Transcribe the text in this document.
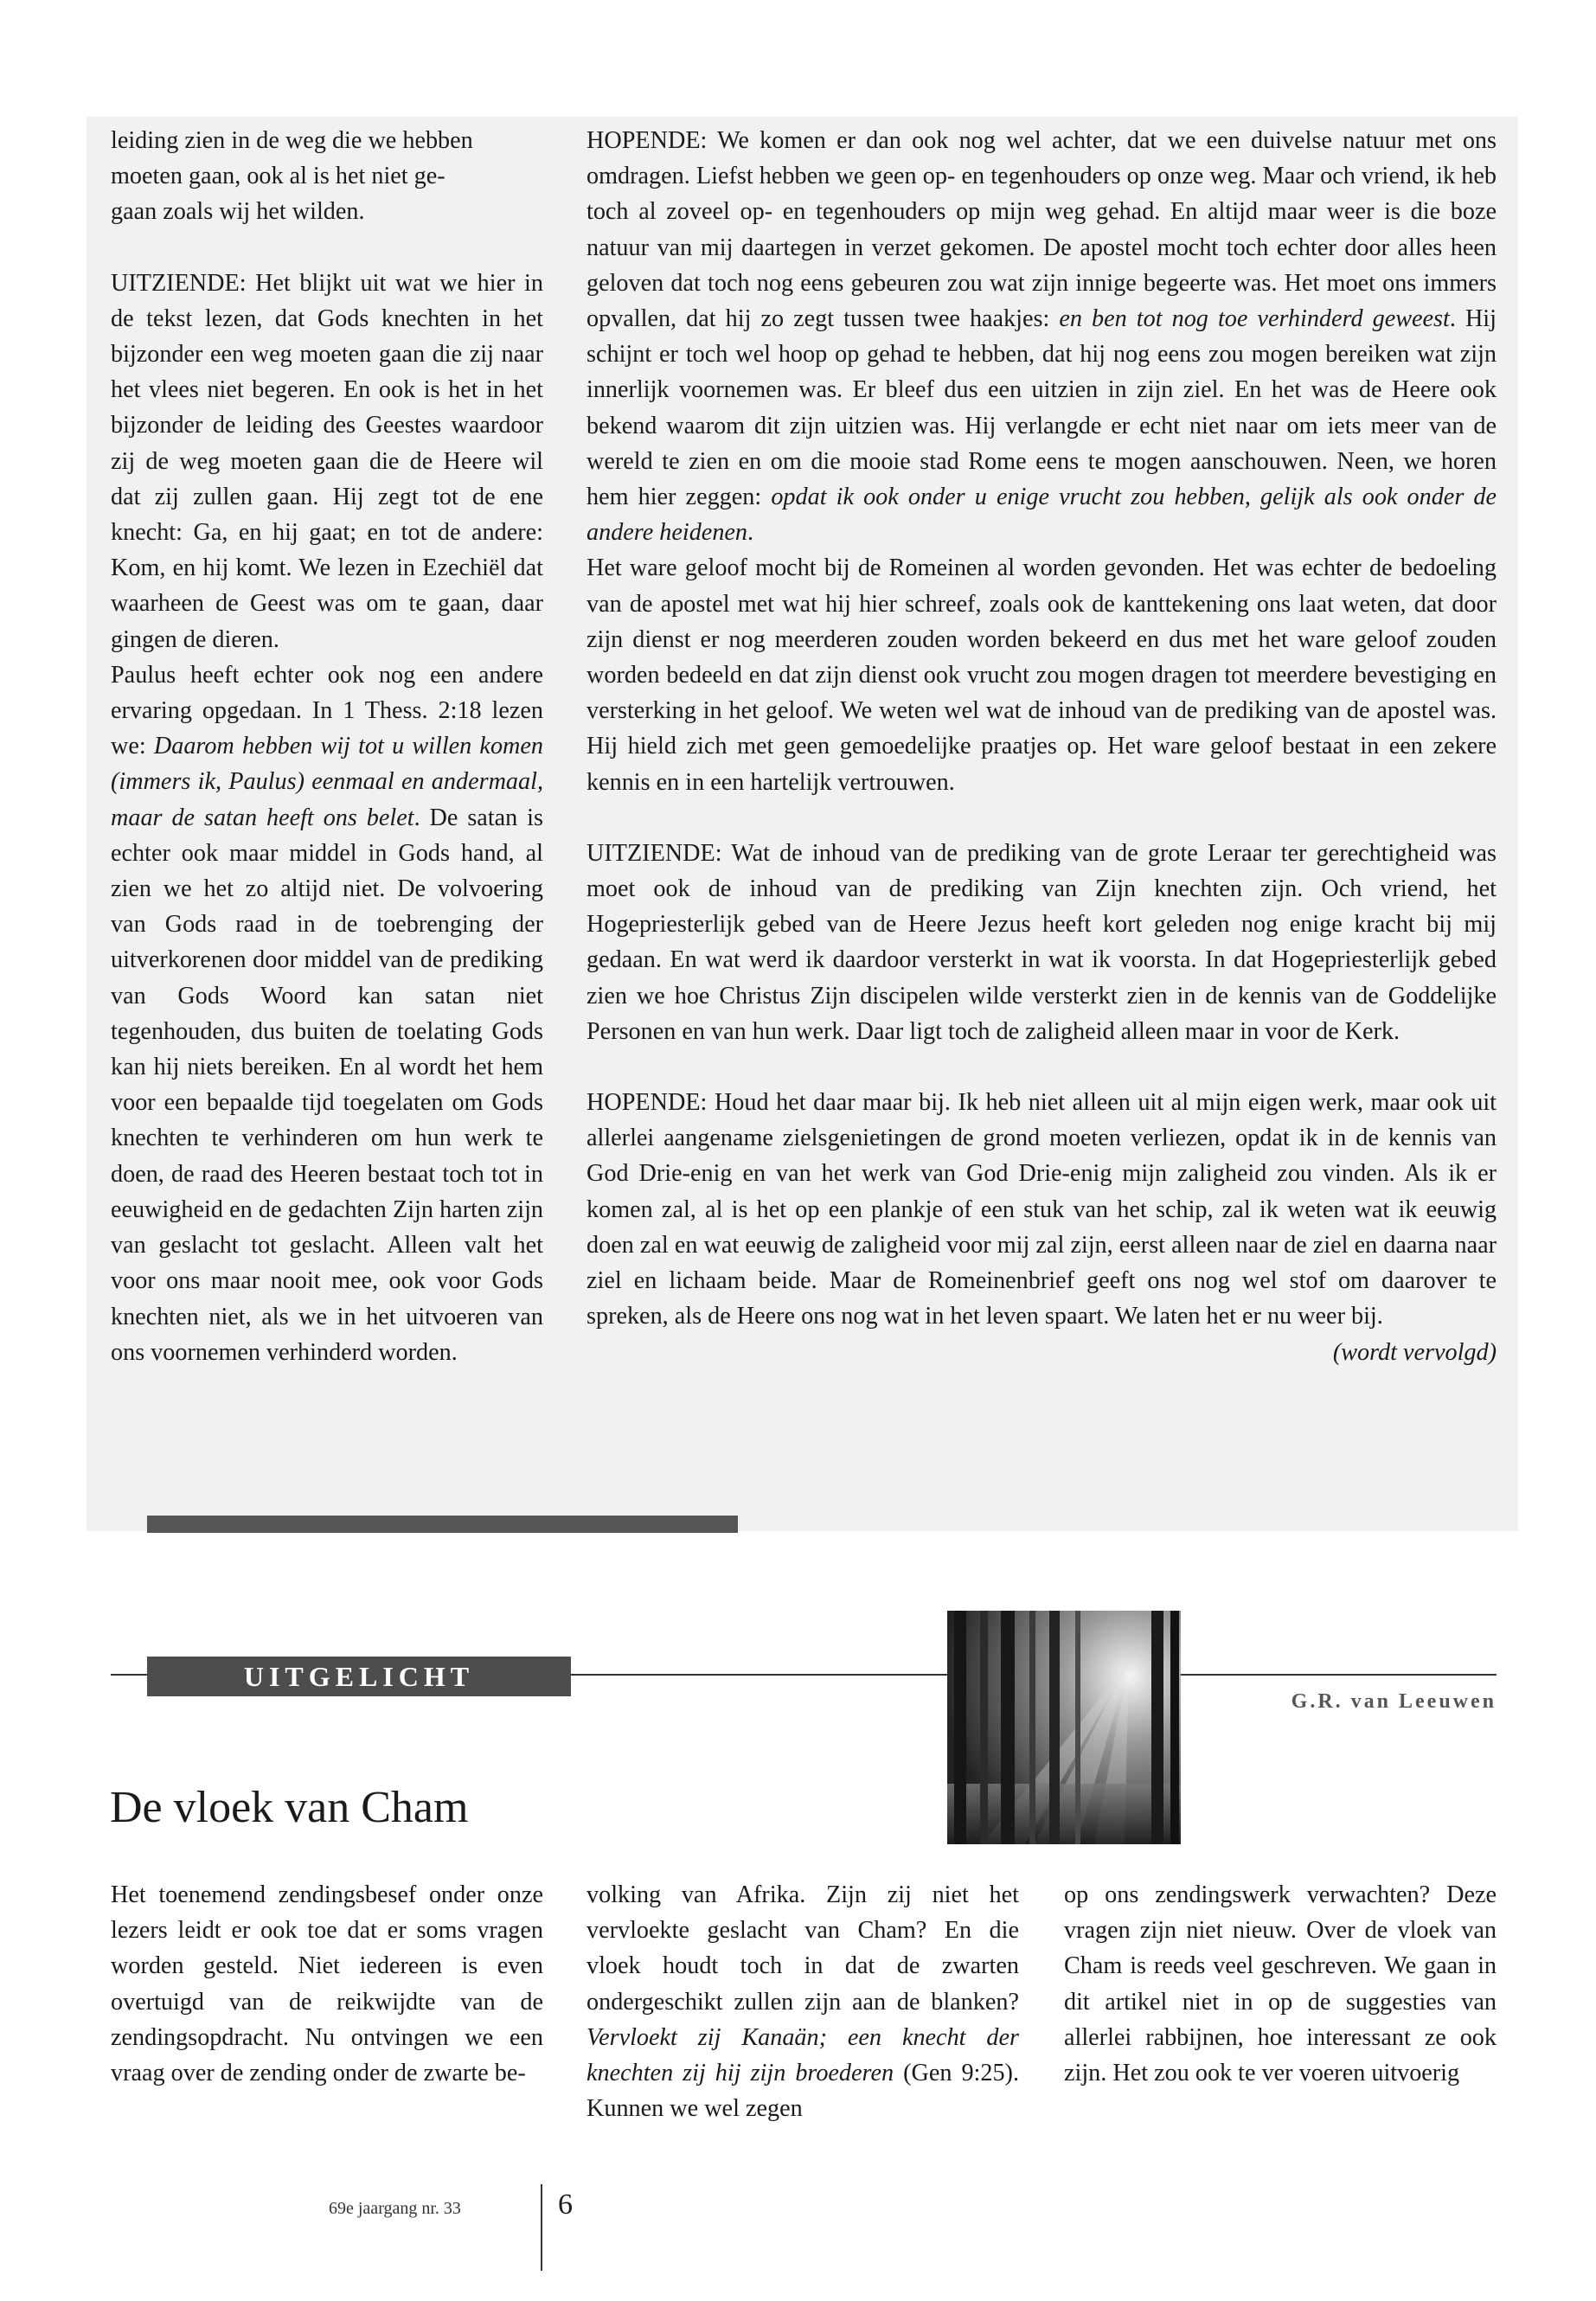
leiding zien in de weg die we hebben

moeten gaan, ook al is het niet ge-

gaan zoals wij het wilden.

UITZIENDE: Het blijkt uit wat we hier in de tekst lezen, dat Gods knechten in het bijzonder een weg moeten gaan die zij naar het vlees niet begeren. En ook is het in het bijzonder de leiding des Geestes waardoor zij de weg moeten gaan die de Heere wil dat zij zullen gaan. Hij zegt tot de ene knecht: Ga, en hij gaat; en tot de andere: Kom, en hij komt. We lezen in Ezechiël dat waarheen de Geest was om te gaan, daar gingen de dieren.

Paulus heeft echter ook nog een andere ervaring opgedaan. In 1 Thess. 2:18 lezen we: Daarom hebben wij tot u willen komen (immers ik, Paulus) eenmaal en andermaal, maar de satan heeft ons belet. De satan is echter ook maar middel in Gods hand, al zien we het zo altijd niet. De volvoering van Gods raad in de toebrenging der uitverkorenen door middel van de prediking van Gods Woord kan satan niet tegenhouden, dus buiten de toelating Gods kan hij niets bereiken. En al wordt het hem voor een bepaalde tijd toegelaten om Gods knechten te verhinderen om hun werk te doen, de raad des Heeren bestaat toch tot in eeuwigheid en de gedachten Zijn harten zijn van geslacht tot geslacht. Alleen valt het voor ons maar nooit mee, ook voor Gods knechten niet, als we in het uitvoeren van ons voornemen verhinderd worden.

HOPENDE: We komen er dan ook nog wel achter, dat we een duivelse natuur met ons omdragen. Liefst hebben we geen op- en tegenhouders op onze weg. Maar och vriend, ik heb toch al zoveel op- en tegenhouders op mijn weg gehad. En altijd maar weer is die boze natuur van mij daartegen in verzet gekomen. De apostel mocht toch echter door alles heen geloven dat toch nog eens gebeuren zou wat zijn innige begeerte was. Het moet ons immers opvallen, dat hij zo zegt tussen twee haakjes: en ben tot nog toe verhinderd geweest. Hij schijnt er toch wel hoop op gehad te hebben, dat hij nog eens zou mogen bereiken wat zijn innerlijk voornemen was. Er bleef dus een uitzien in zijn ziel. En het was de Heere ook bekend waarom dit zijn uitzien was. Hij verlangde er echt niet naar om iets meer van de wereld te zien en om die mooie stad Rome eens te mogen aanschouwen. Neen, we horen hem hier zeggen: opdat ik ook onder u enige vrucht zou hebben, gelijk als ook onder de andere heidenen.

Het ware geloof mocht bij de Romeinen al worden gevonden. Het was echter de bedoeling van de apostel met wat hij hier schreef, zoals ook de kanttekening ons laat weten, dat door zijn dienst er nog meerderen zouden worden bekeerd en dus met het ware geloof zouden worden bedeeld en dat zijn dienst ook vrucht zou mogen dragen tot meerdere bevestiging en versterking in het geloof. We weten wel wat de inhoud van de prediking van de apostel was. Hij hield zich met geen gemoedelijke praatjes op. Het ware geloof bestaat in een zekere kennis en in een hartelijk vertrouwen.

UITZIENDE: Wat de inhoud van de prediking van de grote Leraar ter gerechtigheid was moet ook de inhoud van de prediking van Zijn knechten zijn. Och vriend, het Hogepriesterlijk gebed van de Heere Jezus heeft kort geleden nog enige kracht bij mij gedaan. En wat werd ik daardoor versterkt in wat ik voorsta. In dat Hogepriesterlijk gebed zien we hoe Christus Zijn discipelen wilde versterkt zien in de kennis van de Goddelijke Personen en van hun werk. Daar ligt toch de zaligheid alleen maar in voor de Kerk.

HOPENDE: Houd het daar maar bij. Ik heb niet alleen uit al mijn eigen werk, maar ook uit allerlei aangename zielsgenietingen de grond moeten verliezen, opdat ik in de kennis van God Drie-enig en van het werk van God Drie-enig mijn zaligheid zou vinden. Als ik er komen zal, al is het op een plankje of een stuk van het schip, zal ik weten wat ik eeuwig doen zal en wat eeuwig de zaligheid voor mij zal zijn, eerst alleen naar de ziel en daarna naar ziel en lichaam beide. Maar de Romeinenbrief geeft ons nog wel stof om daarover te spreken, als de Heere ons nog wat in het leven spaart. We laten het er nu weer bij.
(wordt vervolgd)

UITGELICHT
G.R. van Leeuwen
De vloek van Cham

Het toenemend zendingsbesef onder onze lezers leidt er ook toe dat er soms vragen worden gesteld. Niet iedereen is even overtuigd van de reikwijdte van de zendingsopdracht. Nu ontvingen we een vraag over de zending onder de zwarte be-

volking van Afrika. Zijn zij niet het vervloekte geslacht van Cham? En die vloek houdt toch in dat de zwarten ondergeschikt zullen zijn aan de blanken? Vervloekt zij Kanaän; een knecht der knechten zij hij zijn broederen (Gen 9:25). Kunnen we wel zegen

op ons zendingswerk verwachten? Deze vragen zijn niet nieuw. Over de vloek van Cham is reeds veel geschreven. We gaan in dit artikel niet in op de suggesties van allerlei rabbijnen, hoe interessant ze ook zijn. Het zou ook te ver voeren uitvoerig

69e jaargang nr. 33	6
